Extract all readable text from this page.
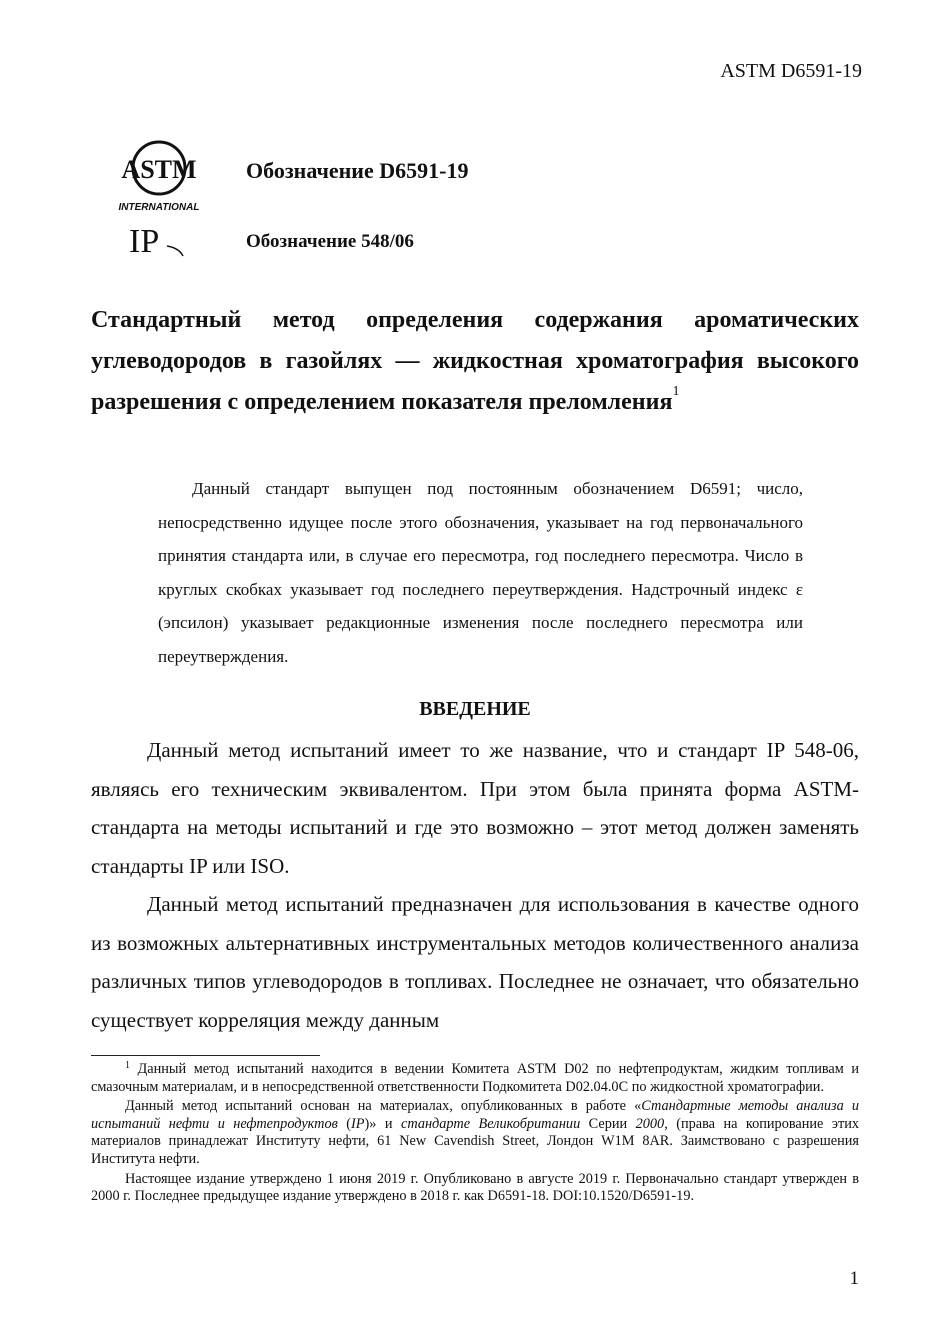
ASTM D6591-19
ASTM
INTERNATIONAL
IP
Обозначение D6591-19
Обозначение 548/06
Стандартный метод определения содержания ароматических углеводородов в газойлях — жидкостная хроматография высокого разрешения с определением показателя преломления$^1$

Данный стандарт выпущен под постоянным обозначением D6591; число, непосредственно идущее после этого обозначения, указывает на год первоначального принятия стандарта или, в случае его пересмотра, год последнего пересмотра. Число в круглых скобках указывает год последнего переутверждения. Надстрочный индекс ε (эпсилон) указывает редакционные изменения после последнего пересмотра или переутверждения.

ВВЕДЕНИЕ

Данный метод испытаний имеет то же название, что и стандарт IP 548-06, являясь его техническим эквивалентом. При этом была принята форма ASTM-стандарта на методы испытаний и где это возможно – этот метод должен заменять стандарты IP или ISO.

Данный метод испытаний предназначен для использования в качестве одного из возможных альтернативных инструментальных методов количественного анализа различных типов углеводородов в топливах. Последнее не означает, что обязательно существует корреляция между данным

$^1$ Данный метод испытаний находится в ведении Комитета ASTM D02 по нефтепродуктам, жидким топливам и смазочным материалам, и в непосредственной ответственности Подкомитета D02.04.0C по жидкостной хроматографии.

Данный метод испытаний основан на материалах, опубликованных в работе «Стандартные методы анализа и испытаний нефти и нефтепродуктов (IP)» и стандарте Великобритании Серии 2000, (права на копирование этих материалов принадлежат Институту нефти, 61 New Cavendish Street, Лондон W1M 8AR. Заимствовано с разрешения Института нефти.

Настоящее издание утверждено 1 июня 2019 г. Опубликовано в августе 2019 г. Первоначально стандарт утвержден в 2000 г. Последнее предыдущее издание утверждено в 2018 г. как D6591-18. DOI:10.1520/D6591-19.

1
